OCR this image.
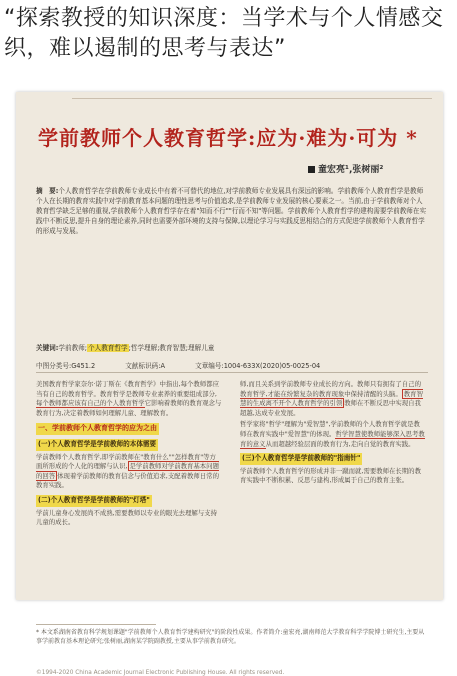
“探索教授的知识深度：当学术与个人情感交织，难以遏制的思考与表达”
学前教师个人教育哲学:应为·难为·可为 *
童宏亮¹,张树丽²
摘　要:个人教育哲学在学前教师专业成长中有着不可替代的地位,对学前教师专业发展具有深远的影响。学前教师个人教育哲学是教师个人在长期的教育实践中对学前教育基本问题的理性思考与价值追求,是学前教师专业发展的核心要素之一。当前,由于学前教师对个人教育哲学缺乏足够的重视,学前教师个人教育哲学存在着"知而不行""行而不知"等问题。学前教师个人教育哲学的建构需要学前教师在实践中不断反思,提升自身的理论素养,同时也需要外部环境的支持与保障,以理论学习与实践反思相结合的方式促进学前教师个人教育哲学的形成与发展。
关键词:学前教师;个人教育哲学;哲学理解;教育智慧;理解儿童
中图分类号:G451.2	文献标识码:A	文章编号:1004-633X(2020)05-0025-04

美国教育哲学家奈尔·诺丁斯在《教育哲学》中指出,每个教师都应当有自己的教育哲学。教育哲学是教师专业素养的重要组成部分,每个教师都应该有自己的个人教育哲学它影响着教师的教育观念与教育行为,决定着教师如何理解儿童、理解教育。

一、学前教师个人教育哲学的应为之由 (一)个人教育哲学是学前教师的本体需要

学前教师个人教育哲学,即学前教师在"教育什么""怎样教育"等方面所形成的个人化的理解与认识, 是学前教师对学前教育基本问题的回答 体现着学前教师的教育信念与价值追求,支配着教师日常的教育实践。

(二)个人教育哲学是学前教师的"灯塔"

学前儿童身心发展尚不成熟,需要教师以专业的眼光去理解与支持儿童的成长。

师,而且关系到学前教师专业成长的方向。教师只有拥有了自己的教育哲学,才能在纷繁复杂的教育现象中保持清醒的头脑。 教育智慧的生成离不开个人教育哲学的引领 教师在不断反思中实现自我超越,达成专业发展。

哲学家将"哲学"理解为"爱智慧",学前教师的个人教育哲学就是教师在教育实践中"爱智慧"的体现。哲学智慧使教师能够深入思考教育的意义从而超越经验层面的教育行为,走向自觉的教育实践。

(三)个人教育哲学是学前教师的"指南针"

学前教师个人教育哲学的形成并非一蹴而就,需要教师在长期的教育实践中不断积累、反思与建构,形成属于自己的教育主张。

* 本文系湖南省教育科学规划课题"学前教师个人教育哲学建构研究"的阶段性成果。作者简介:童宏亮,湖南师范大学教育科学学院博士研究生,主要从事学前教育基本理论研究;张树丽,湖南某学院副教授,主要从事学前教育研究。
©1994-2020 China Academic Journal Electronic Publishing House. All rights reserved.
